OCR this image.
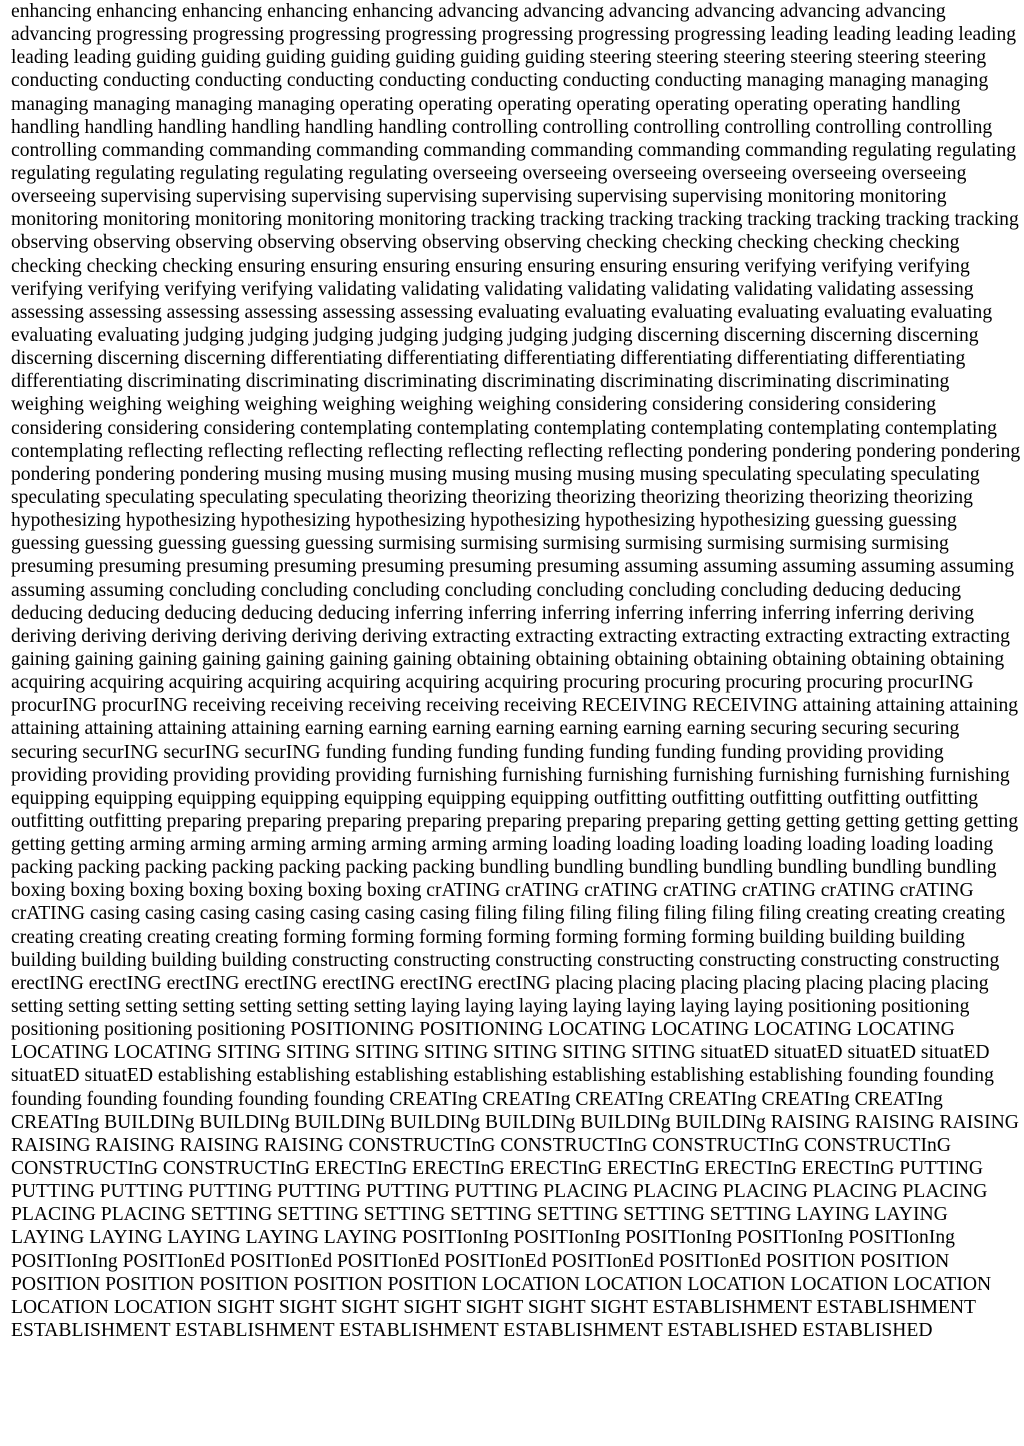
enhancing enhancing enhancing enhancing enhancing advancing advancing advancing advancing advancing advancing advancing progressing progressing progressing progressing progressing progressing progressing leading leading leading leading leading leading guiding guiding guiding guiding guiding guiding guiding steering steering steering steering steering steering conducting conducting conducting conducting conducting conducting conducting conducting managing managing managing managing managing managing managing operating operating operating operating operating operating operating handling handling handling handling handling handling handling controlling controlling controlling controlling controlling controlling controlling commanding commanding commanding commanding commanding commanding commanding regulating regulating regulating regulating regulating regulating regulating overseeing overseeing overseeing overseeing overseeing overseeing overseeing supervising supervising supervising supervising supervising supervising supervising monitoring monitoring monitoring monitoring monitoring monitoring monitoring tracking tracking tracking tracking tracking tracking tracking tracking observing observing observing observing observing observing observing checking checking checking checking checking checking checking checking ensuring ensuring ensuring ensuring ensuring ensuring ensuring verifying verifying verifying verifying verifying verifying verifying validating validating validating validating validating validating validating assessing assessing assessing assessing assessing assessing assessing evaluating evaluating evaluating evaluating evaluating evaluating evaluating evaluating judging judging judging judging judging judging judging discerning discerning discerning discerning discerning discerning discerning differentiating differentiating differentiating differentiating differentiating differentiating differentiating discriminating discriminating discriminating discriminating discriminating discriminating discriminating weighing weighing weighing weighing weighing weighing weighing considering considering considering considering considering considering considering contemplating contemplating contemplating contemplating contemplating contemplating contemplating reflecting reflecting reflecting reflecting reflecting reflecting reflecting pondering pondering pondering pondering pondering pondering pondering musing musing musing musing musing musing musing speculating speculating speculating speculating speculating speculating speculating theorizing theorizing theorizing theorizing theorizing theorizing theorizing hypothesizing hypothesizing hypothesizing hypothesizing hypothesizing hypothesizing hypothesizing guessing guessing guessing guessing guessing guessing guessing surmising surmising surmising surmising surmising surmising surmising presuming presuming presuming presuming presuming presuming presuming assuming assuming assuming assuming assuming assuming assuming concluding concluding concluding concluding concluding concluding concluding deducing deducing deducing deducing deducing deducing deducing inferring inferring inferring inferring inferring inferring inferring deriving deriving deriving deriving deriving deriving deriving extracting extracting extracting extracting extracting extracting extracting gaining gaining gaining gaining gaining gaining gaining obtaining obtaining obtaining obtaining obtaining obtaining obtaining acquiring acquiring acquiring acquiring acquiring acquiring acquiring procuring procuring procuring procuring procurING procurING procurING receiving receiving receiving receiving receiving RECEIVING RECEIVING attaining attaining attaining attaining attaining attaining attaining earning earning earning earning earning earning earning securing securing securing securing securING securING securING funding funding funding funding funding funding funding providing providing providing providing providing providing providing furnishing furnishing furnishing furnishing furnishing furnishing furnishing equipping equipping equipping equipping equipping equipping equipping outfitting outfitting outfitting outfitting outfitting outfitting outfitting preparing preparing preparing preparing preparing preparing preparing getting getting getting getting getting getting getting arming arming arming arming arming arming arming loading loading loading loading loading loading loading packing packing packing packing packing packing packing bundling bundling bundling bundling bundling bundling bundling boxing boxing boxing boxing boxing boxing boxing crATING crATING crATING crATING crATING crATING crATING crATING casing casing casing casing casing casing casing filing filing filing filing filing filing filing creating creating creating creating creating creating creating forming forming forming forming forming forming forming building building building building building building building constructing constructing constructing constructing constructing constructing constructing erectING erectING erectING erectING erectING erectING erectING placing placing placing placing placing placing placing setting setting setting setting setting setting setting laying laying laying laying laying laying laying positioning positioning positioning positioning positioning POSITIONING POSITIONING LOCATING LOCATING LOCATING LOCATING LOCATING LOCATING SITING SITING SITING SITING SITING SITING SITING situatED situatED situatED situatED situatED situatED establishing establishing establishing establishing establishing establishing establishing founding founding founding founding founding founding founding CREATIng CREATIng CREATIng CREATIng CREATIng CREATIng CREATIng BUILDINg BUILDINg BUILDINg BUILDINg BUILDINg BUILDINg BUILDINg RAISING RAISING RAISING RAISING RAISING RAISING RAISING CONSTRUCTInG CONSTRUCTInG CONSTRUCTInG CONSTRUCTInG CONSTRUCTInG CONSTRUCTInG ERECTInG ERECTInG ERECTInG ERECTInG ERECTInG ERECTInG PUTTING PUTTING PUTTING PUTTING PUTTING PUTTING PUTTING PLACING PLACING PLACING PLACING PLACING PLACING PLACING SETTING SETTING SETTING SETTING SETTING SETTING SETTING LAYING LAYING LAYING LAYING LAYING LAYING LAYING POSITIonIng POSITIonIng POSITIonIng POSITIonIng POSITIonIng POSITIonIng POSITIonEd POSITIonEd POSITIonEd POSITIonEd POSITIonEd POSITIonEd POSITION POSITION POSITION POSITION POSITION POSITION POSITION LOCATION LOCATION LOCATION LOCATION LOCATION LOCATION LOCATION SIGHT SIGHT SIGHT SIGHT SIGHT SIGHT SIGHT ESTABLISHMENT ESTABLISHMENT ESTABLISHMENT ESTABLISHMENT ESTABLISHMENT ESTABLISHMENT ESTABLISHED ESTABLISHED
